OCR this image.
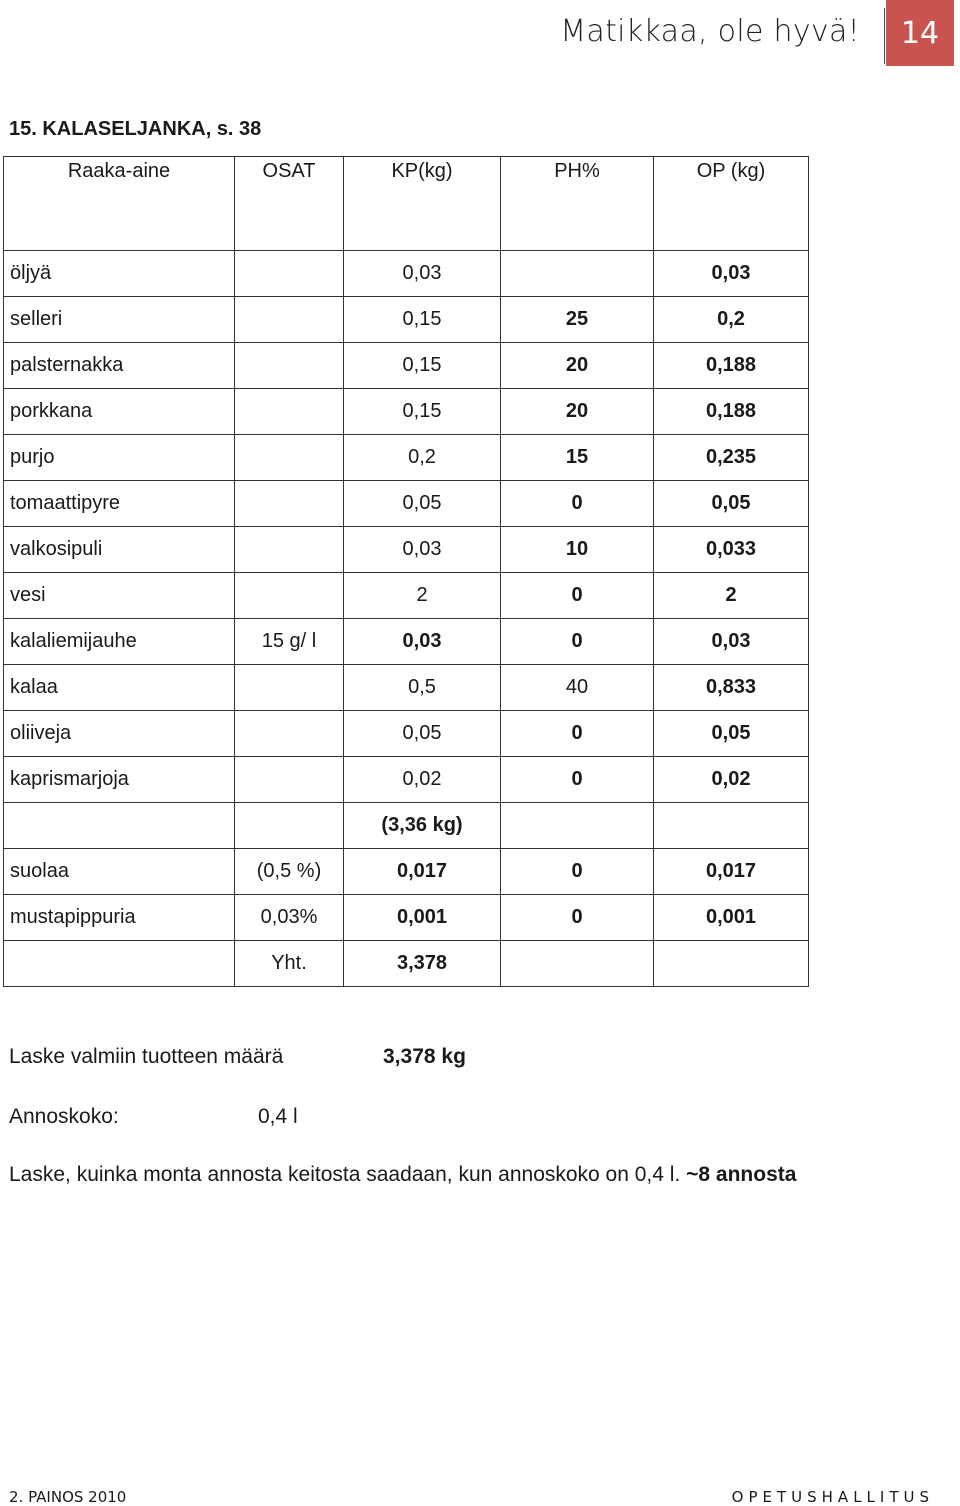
Matikkaa, ole hyvä!	14
15. KALASELJANKA, s. 38
Raaka-aine	OSAT	KP(kg)	PH%	OP (kg)
öljyä		0,03		0,03
selleri		0,15	25	0,2
palsternakka		0,15	20	0,188
porkkana		0,15	20	0,188
purjo		0,2	15	0,235
tomaattipyre		0,05	0	0,05
valkosipuli		0,03	10	0,033
vesi		2	0	2
kalaliemijauhe	15 g/ l	0,03	0	0,03
kalaa		0,5	40	0,833
oliiveja		0,05	0	0,05
kaprismarjoja		0,02	0	0,02
		(3,36 kg)		
suolaa	(0,5 %)	0,017	0	0,017
mustapippuria	0,03%	0,001	0	0,001
	Yht.	3,378		
Laske valmiin tuotteen määrä	3,378 kg
Annoskoko:	0,4 l
Laske, kuinka monta annosta keitosta saadaan, kun annoskoko on 0,4 l. ~8 annosta
2. PAINOS 2010	OPETUSHALLITUS
